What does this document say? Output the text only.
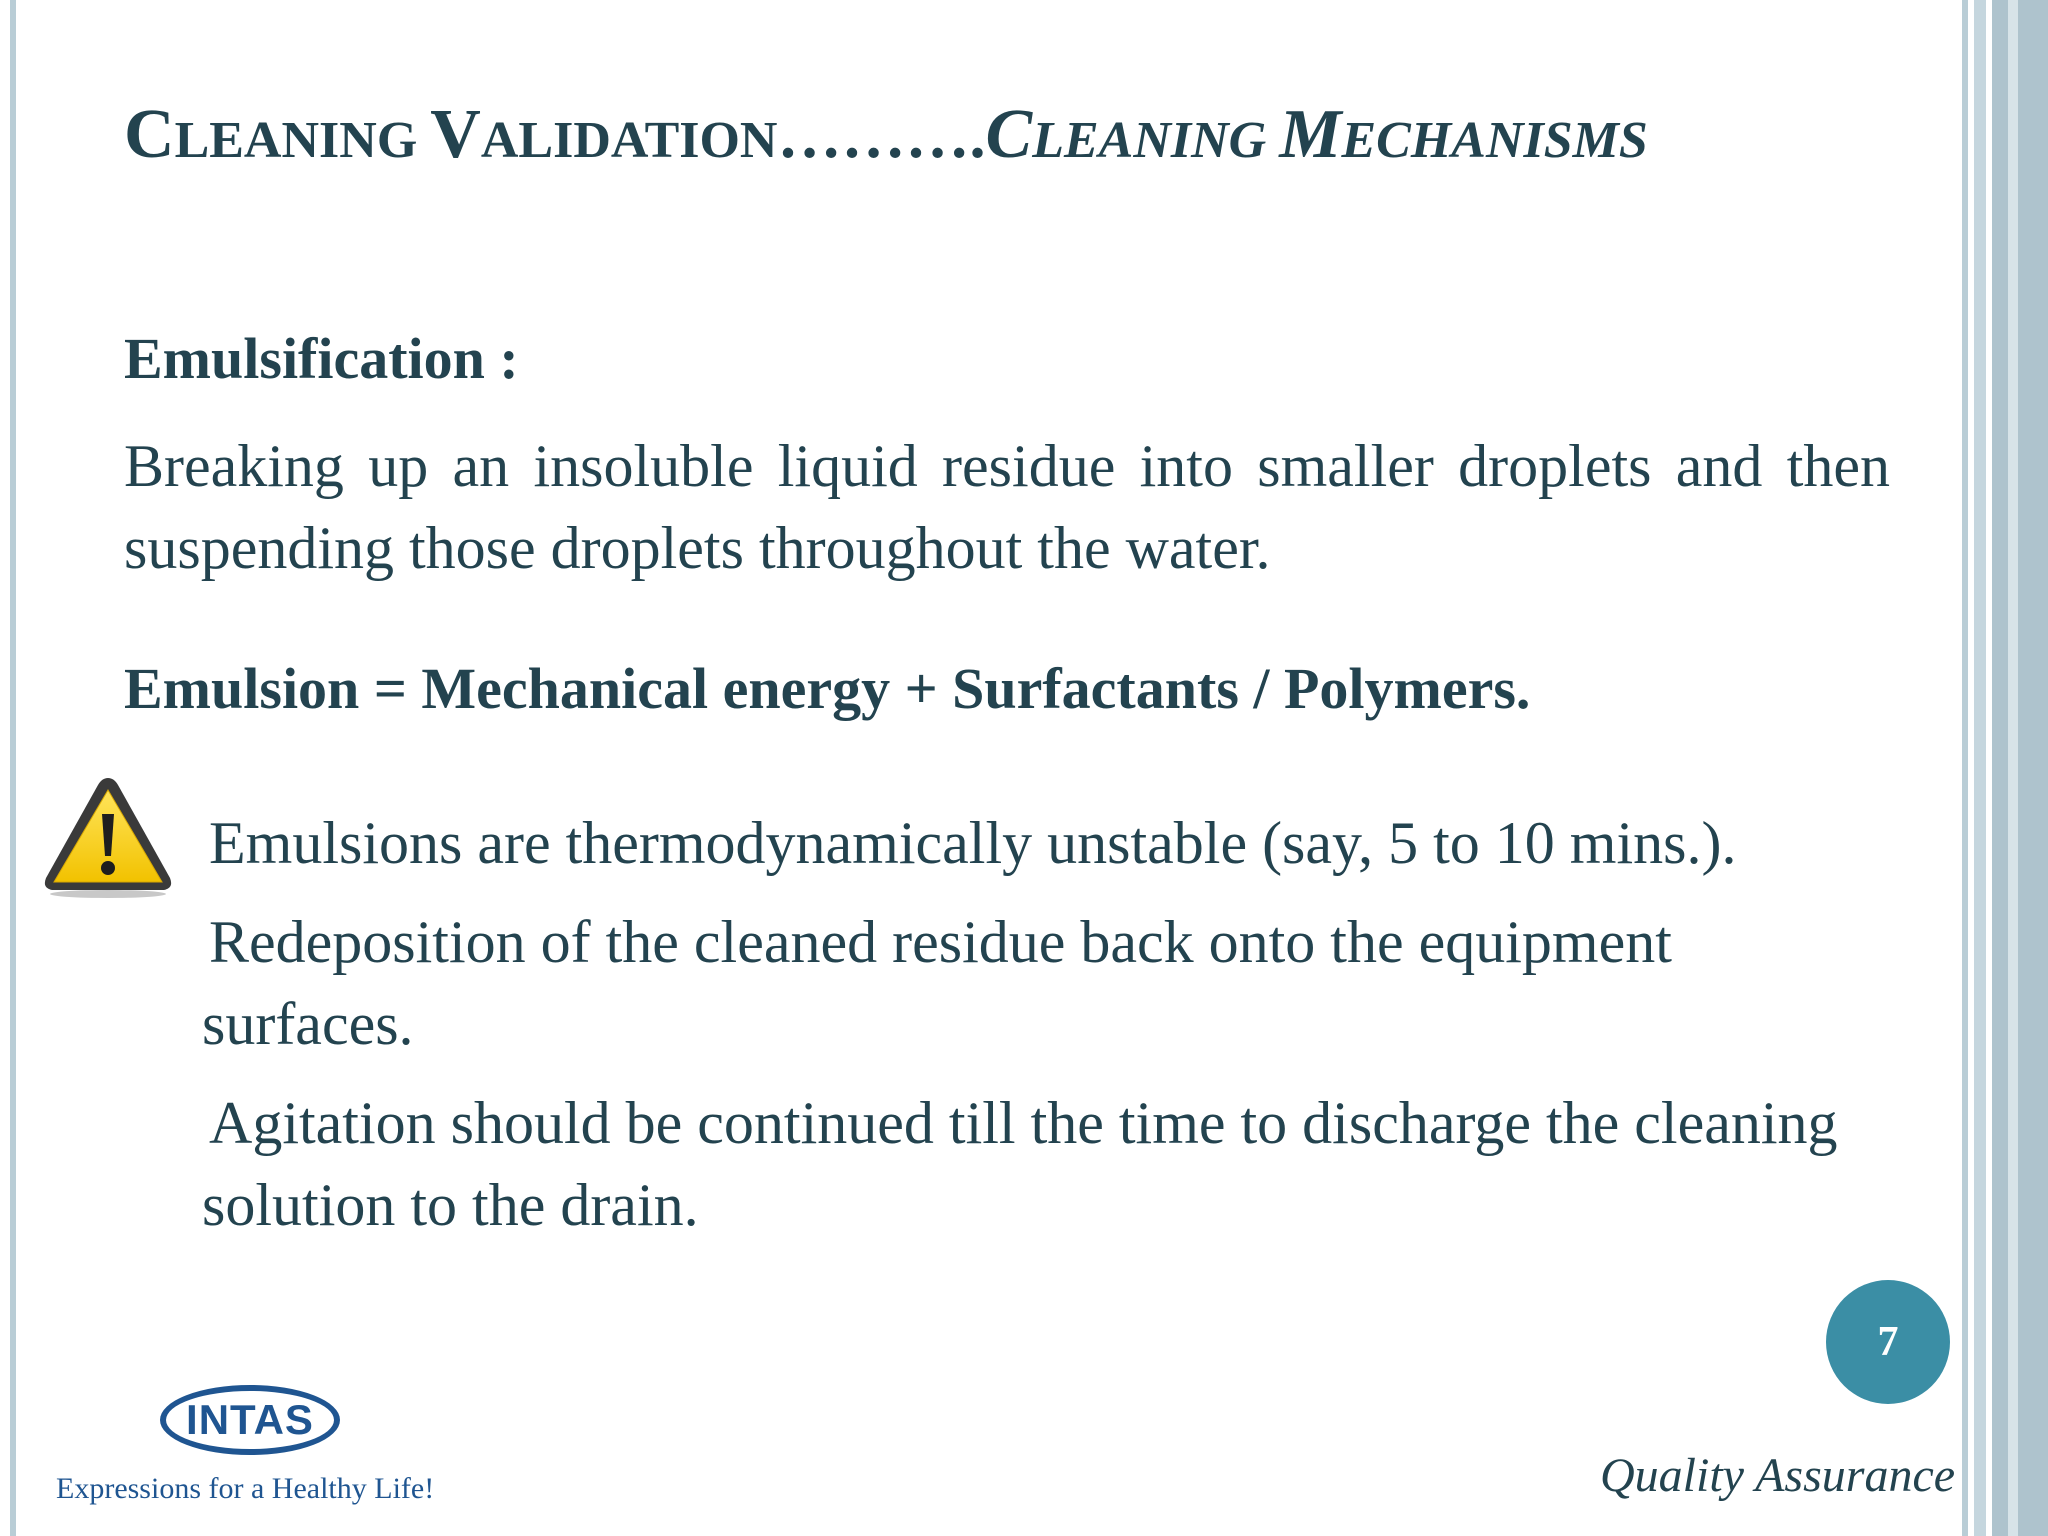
CLEANING VALIDATION……….CLEANING MECHANISMS
Emulsification :
Breaking up an insoluble liquid residue into smaller droplets and then suspending those droplets throughout the water.
Emulsion = Mechanical energy + Surfactants / Polymers.
Emulsions are thermodynamically unstable (say, 5 to 10 mins.).
Redeposition of the cleaned residue back onto the equipment surfaces.
Agitation should be continued till the time to discharge the cleaning solution to the drain.
7
INTAS
Expressions for a Healthy Life!	Quality Assurance
